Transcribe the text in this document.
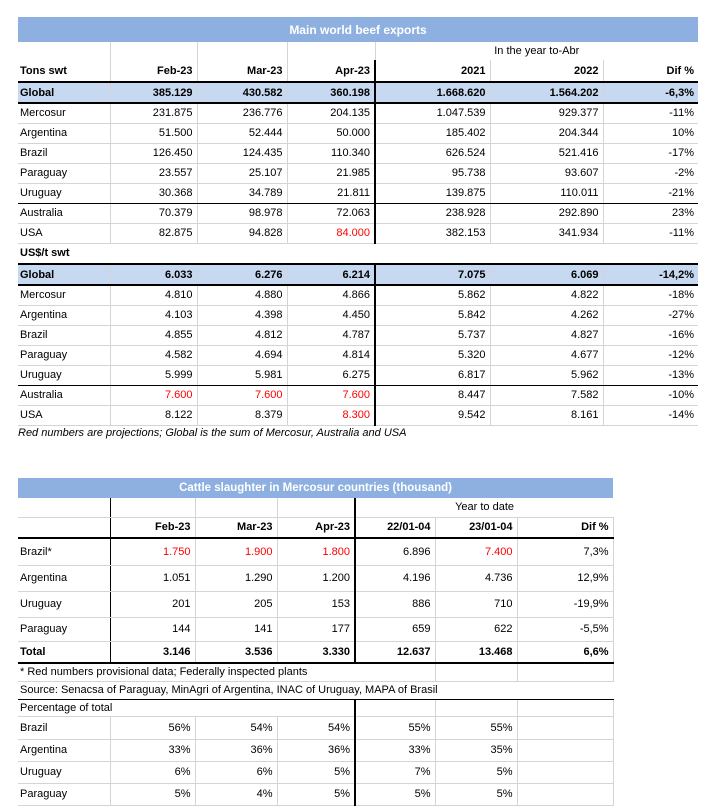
Main world beef exports						
				In the year to-Abr		
Tons swt	Feb-23	Mar-23	Apr-23	2021	2022	Dif %
Global	385.129	430.582	360.198	1.668.620	1.564.202	-6,3%
Mercosur	231.875	236.776	204.135	1.047.539	929.377	-11%
Argentina	51.500	52.444	50.000	185.402	204.344	10%
Brazil	126.450	124.435	110.340	626.524	521.416	-17%
Paraguay	23.557	25.107	21.985	95.738	93.607	-2%
Uruguay	30.368	34.789	21.811	139.875	110.011	-21%
Australia	70.379	98.978	72.063	238.928	292.890	23%
USA	82.875	94.828	84.000	382.153	341.934	-11%
US$/t swt						
Global	6.033	6.276	6.214	7.075	6.069	-14,2%
Mercosur	4.810	4.880	4.866	5.862	4.822	-18%
Argentina	4.103	4.398	4.450	5.842	4.262	-27%
Brazil	4.855	4.812	4.787	5.737	4.827	-16%
Paraguay	4.582	4.694	4.814	5.320	4.677	-12%
Uruguay	5.999	5.981	6.275	6.817	5.962	-13%
Australia	7.600	7.600	7.600	8.447	7.582	-10%
USA	8.122	8.379	8.300	9.542	8.161	-14%
Red numbers are projections; Global is the sum of Mercosur, Australia and USA
Cattle slaughter in Mercosur countries (thousand)						
				Year to date		
	Feb-23	Mar-23	Apr-23	22/01-04	23/01-04	Dif %
Brazil*	1.750	1.900	1.800	6.896	7.400	7,3%
Argentina	1.051	1.290	1.200	4.196	4.736	12,9%
Uruguay	201	205	153	886	710	-19,9%
Paraguay	144	141	177	659	622	-5,5%
Total	3.146	3.536	3.330	12.637	13.468	6,6%
* Red numbers provisional data; Federally inspected plants						
Source: Senacsa of Paraguay, MinAgri of Argentina, INAC of Uruguay, MAPA of Brasil						
Percentage of total						
Brazil	56%	54%	54%	55%	55%	
Argentina	33%	36%	36%	33%	35%	
Uruguay	6%	6%	5%	7%	5%	
Paraguay	5%	4%	5%	5%	5%	
